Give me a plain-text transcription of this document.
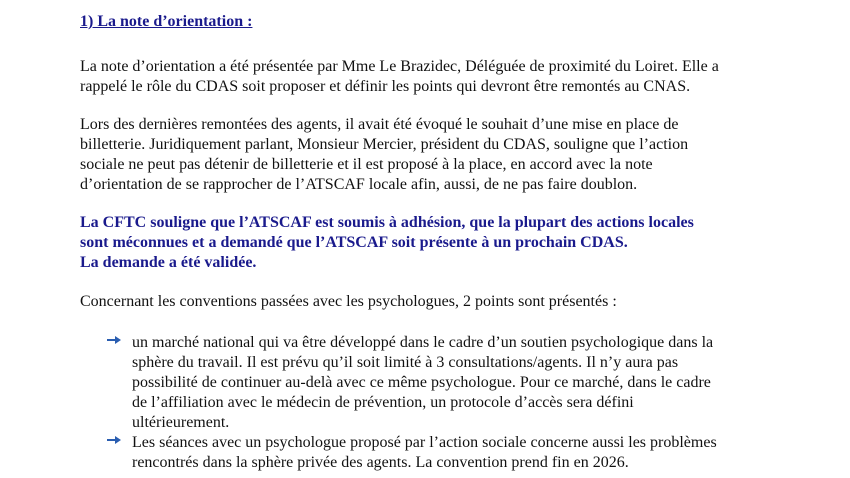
1) La note d’orientation :

La note d’orientation a été présentée par Mme Le Brazidec, Déléguée de proximité du Loiret. Elle a
rappelé le rôle du CDAS soit proposer et définir les points qui devront être remontés au CNAS.

Lors des dernières remontées des agents, il avait été évoqué le souhait d’une mise en place de
billetterie. Juridiquement parlant, Monsieur Mercier, président du CDAS, souligne que l’action
sociale ne peut pas détenir de billetterie et il est proposé à la place, en accord avec la note
d’orientation de se rapprocher de l’ATSCAF locale afin, aussi, de ne pas faire doublon.

La CFTC souligne que l’ATSCAF est soumis à adhésion, que la plupart des actions locales
sont méconnues et a demandé que l’ATSCAF soit présente à un prochain CDAS.
La demande a été validée.

Concernant les conventions passées avec les psychologues, 2 points sont présentés :

un marché national qui va être développé dans le cadre d’un soutien psychologique dans la
sphère du travail. Il est prévu qu’il soit limité à 3 consultations/agents. Il n’y aura pas
possibilité de continuer au-delà avec ce même psychologue. Pour ce marché, dans le cadre
de l’affiliation avec le médecin de prévention, un protocole d’accès sera défini
ultérieurement.
Les séances avec un psychologue proposé par l’action sociale concerne aussi les problèmes
rencontrés dans la sphère privée des agents. La convention prend fin en 2026.
